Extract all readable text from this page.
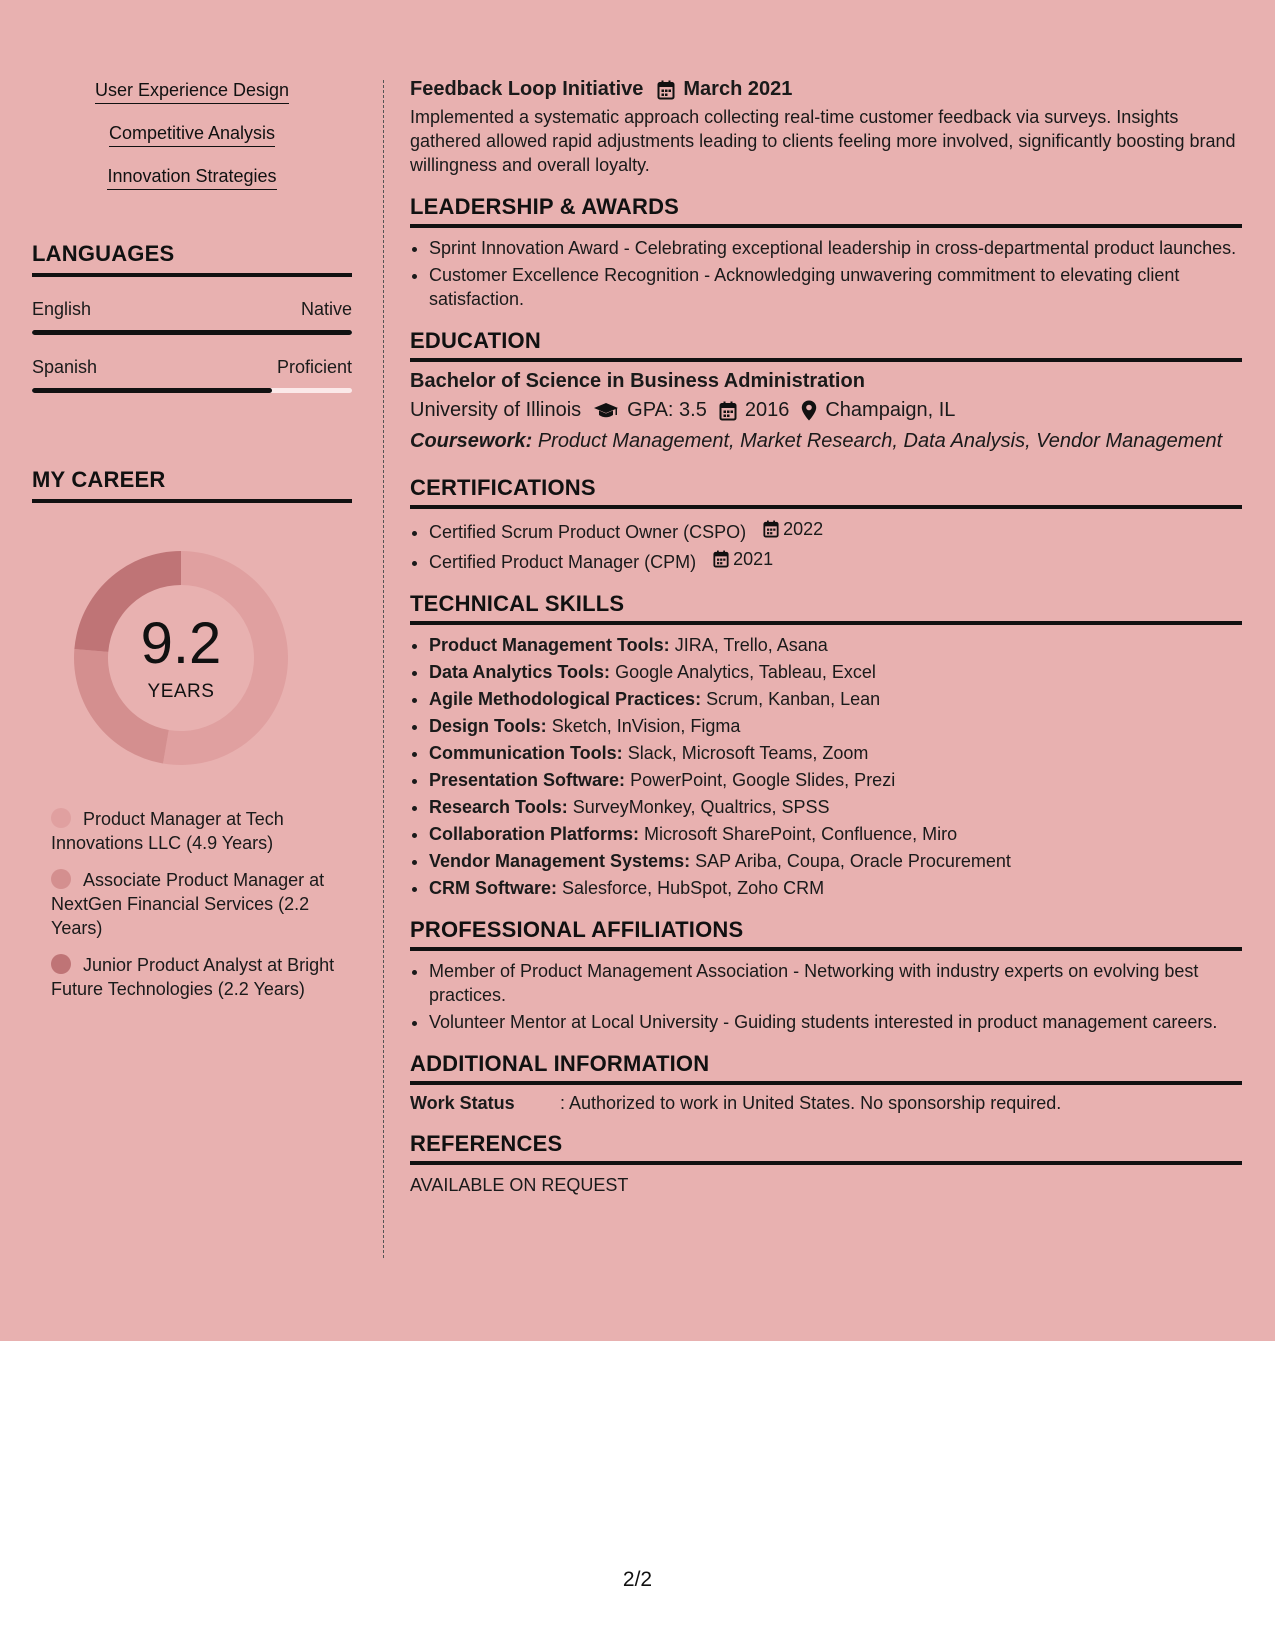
User Experience Design
Competitive Analysis
Innovation Strategies
LANGUAGES
English	Native
Spanish	Proficient
MY CAREER
9.2
YEARS
Product Manager at Tech Innovations LLC (4.9 Years)
Associate Product Manager at NextGen Financial Services (2.2 Years)
Junior Product Analyst at Bright Future Technologies (2.2 Years)
Feedback Loop Initiative March 2021
Implemented a systematic approach collecting real-time customer feedback via surveys. Insights gathered allowed rapid adjustments leading to clients feeling more involved, significantly boosting brand willingness and overall loyalty.
LEADERSHIP & AWARDS
• Sprint Innovation Award - Celebrating exceptional leadership in cross-departmental product launches.
• Customer Excellence Recognition - Acknowledging unwavering commitment to elevating client satisfaction.
EDUCATION
Bachelor of Science in Business Administration
University of Illinois GPA: 3.5 2016 Champaign, IL
Coursework: Product Management, Market Research, Data Analysis, Vendor Management
CERTIFICATIONS
• Certified Scrum Product Owner (CSPO) 2022
• Certified Product Manager (CPM) 2021
TECHNICAL SKILLS
• Product Management Tools: JIRA, Trello, Asana
• Data Analytics Tools: Google Analytics, Tableau, Excel
• Agile Methodological Practices: Scrum, Kanban, Lean
• Design Tools: Sketch, InVision, Figma
• Communication Tools: Slack, Microsoft Teams, Zoom
• Presentation Software: PowerPoint, Google Slides, Prezi
• Research Tools: SurveyMonkey, Qualtrics, SPSS
• Collaboration Platforms: Microsoft SharePoint, Confluence, Miro
• Vendor Management Systems: SAP Ariba, Coupa, Oracle Procurement
• CRM Software: Salesforce, HubSpot, Zoho CRM
PROFESSIONAL AFFILIATIONS
• Member of Product Management Association - Networking with industry experts on evolving best practices.
• Volunteer Mentor at Local University - Guiding students interested in product management careers.
ADDITIONAL INFORMATION
Work Status	: Authorized to work in United States. No sponsorship required.
REFERENCES
AVAILABLE ON REQUEST
2/2
